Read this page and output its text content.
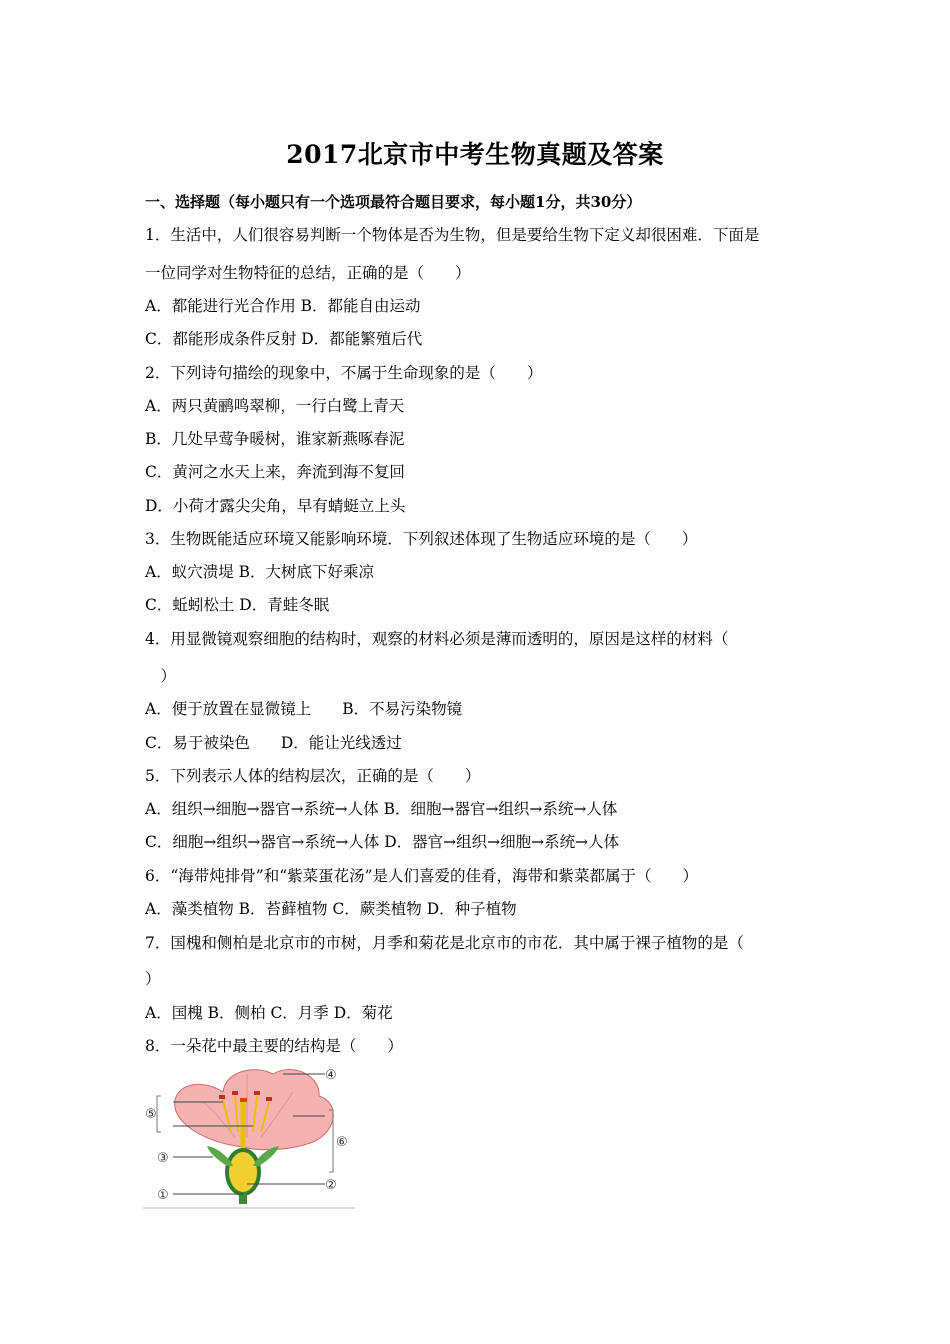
2017北京市中考生物真题及答案
一、选择题（每小题只有一个选项最符合题目要求，每小题1分，共30分）
1．生活中，人们很容易判断一个物体是否为生物，但是要给生物下定义却很困难．下面是
一位同学对生物特征的总结，正确的是（　　）
A．都能进行光合作用 B．都能自由运动
C．都能形成条件反射 D．都能繁殖后代
2．下列诗句描绘的现象中，不属于生命现象的是（　　）
A．两只黄鹂鸣翠柳，一行白鹭上青天
B．几处早莺争暖树，谁家新燕啄春泥
C．黄河之水天上来，奔流到海不复回
D．小荷才露尖尖角，早有蜻蜓立上头
3．生物既能适应环境又能影响环境．下列叙述体现了生物适应环境的是（　　）
A．蚁穴溃堤 B．大树底下好乘凉
C．蚯蚓松土 D．青蛙冬眠
4．用显微镜观察细胞的结构时，观察的材料必须是薄而透明的，原因是这样的材料（
　）
A．便于放置在显微镜上　　B．不易污染物镜
C．易于被染色　　D．能让光线透过
5．下列表示人体的结构层次，正确的是（　　）
A．组织→细胞→器官→系统→人体 B．细胞→器官→组织→系统→人体
C．细胞→组织→器官→系统→人体 D．器官→组织→细胞→系统→人体
6．“海带炖排骨”和“紫菜蛋花汤”是人们喜爱的佳肴，海带和紫菜都属于（　　）
A．藻类植物 B．苔藓植物 C．蕨类植物 D．种子植物
7．国槐和侧柏是北京市的市树，月季和菊花是北京市的市花．其中属于裸子植物的是（
）
A．国槐 B．侧柏 C．月季 D．菊花
8．一朵花中最主要的结构是（　　）
④
⑤
⑥
③
②
①
